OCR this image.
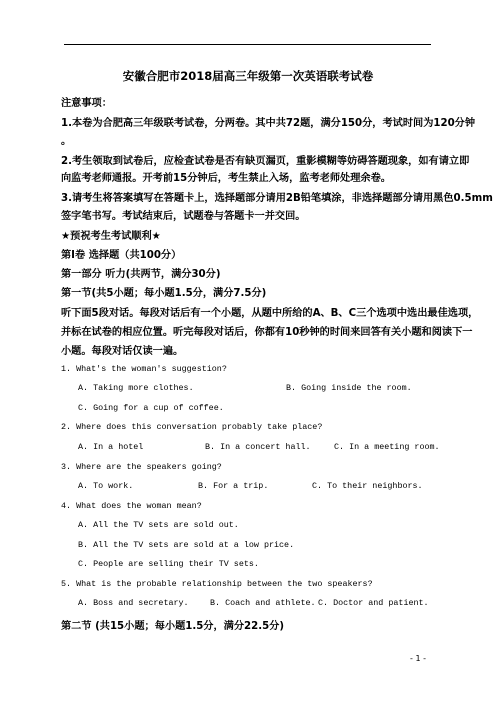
安徽合肥市2018届高三年级第一次英语联考试卷
注意事项：
1.本卷为合肥高三年级联考试卷，分两卷。其中共72题，满分150分，考试时间为120分钟
。
2.考生领取到试卷后，应检查试卷是否有缺页漏页，重影模糊等妨碍答题现象，如有请立即
向监考老师通报。开考前15分钟后，考生禁止入场，监考老师处理余卷。
3.请考生将答案填写在答题卡上，选择题部分请用2B铅笔填涂，非选择题部分请用黑色0.5mm
签字笔书写。考试结束后，试题卷与答题卡一并交回。
★预祝考生考试顺利★
第Ⅰ卷 选择题（共100分）
第一部分 听力(共两节，满分30分)
第一节(共5小题；每小题1.5分，满分7.5分)
听下面5段对话。每段对话后有一个小题，从题中所给的A、B、C三个选项中选出最佳选项，
并标在试卷的相应位置。听完每段对话后，你都有10秒钟的时间来回答有关小题和阅读下一
小题。每段对话仅读一遍。
1. What's the woman's suggestion?
A. Taking more clothes.	B. Going inside the room.
C. Going for a cup of coffee.
2. Where does this conversation probably take place?
A. In a hotel	B. In a concert hall.	C. In a meeting room.
3. Where are the speakers going?
A. To work.	B. For a trip.	C. To their neighbors.
4. What does the woman mean?
A. All the TV sets are sold out.
B. All the TV sets are sold at a low price.
C. People are selling their TV sets.
5. What is the probable relationship between the two speakers?
A. Boss and secretary.	B. Coach and athlete. C. Doctor and patient.
第二节 (共15小题；每小题1.5分，满分22.5分)
- 1 -
